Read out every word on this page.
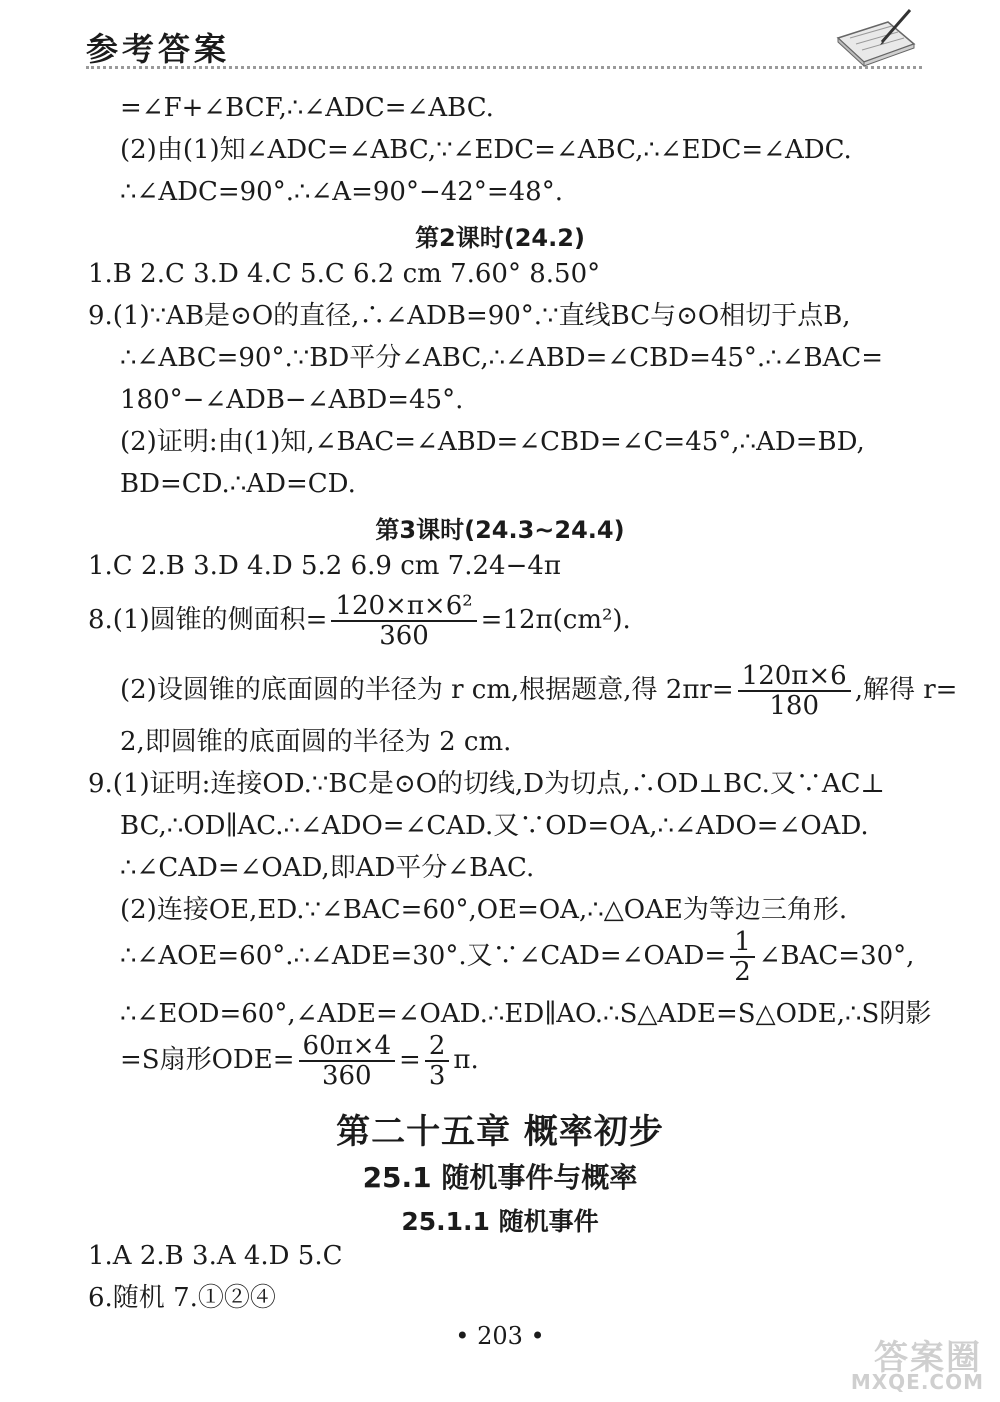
参考答案
=∠F+∠BCF,∴∠ADC=∠ABC.
(2)由(1)知∠ADC=∠ABC,∵∠EDC=∠ABC,∴∠EDC=∠ADC.
∴∠ADC=90°.∴∠A=90°−42°=48°.
第2课时(24.2)
1.B 2.C 3.D 4.C 5.C 6.2 cm 7.60° 8.50°
9.(1)∵AB是⊙O的直径,∴∠ADB=90°.∵直线BC与⊙O相切于点B,
∴∠ABC=90°.∵BD平分∠ABC,∴∠ABD=∠CBD=45°.∴∠BAC=
180°−∠ADB−∠ABD=45°.
(2)证明:由(1)知,∠BAC=∠ABD=∠CBD=∠C=45°,∴AD=BD,
BD=CD.∴AD=CD.
第3课时(24.3~24.4)
1.C 2.B 3.D 4.D 5.2 6.9 cm 7.24−4π
8.(1)圆锥的侧面积= $\frac{\text{120×π×6²}}{360} =12\pi(cm^2)$.
(2)设圆锥的底面圆的半径为 r cm,根据题意,得 $2\pi r= \frac{120\pi\times 6}{180}$ ,解得 r=
2,即圆锥的底面圆的半径为 2 cm.
9.(1)证明:连接OD.∵BC是⊙O的切线,D为切点,∴OD⊥BC.又∵AC⊥
BC,∴OD∥AC.∴∠ADO=∠CAD.又∵OD=OA,∴∠ADO=∠OAD.
∴∠CAD=∠OAD,即AD平分∠BAC.
(2)连接OE,ED.∵∠BAC=60°,OE=OA,∴△OAE为等边三角形.
∴∠AOE=60°.∴∠ADE=30°.又∵∠CAD=∠OAD= $\frac{1}{2}$ ∠BAC=30°,
∴∠EOD=60°,∠ADE=∠OAD.∴ED∥AO.∴S△ADE=S△ODE,∴S阴影
=S扇形$ODE= \frac{60\pi\times 4}{360} = \frac{2}{3} \pi$.
第二十五章 概率初步
25.1 随机事件与概率
25.1.1 随机事件
1.A 2.B 3.A 4.D 5.C
6.随机 7.①②④
• 203 •
答案圈
MXQE.COM
